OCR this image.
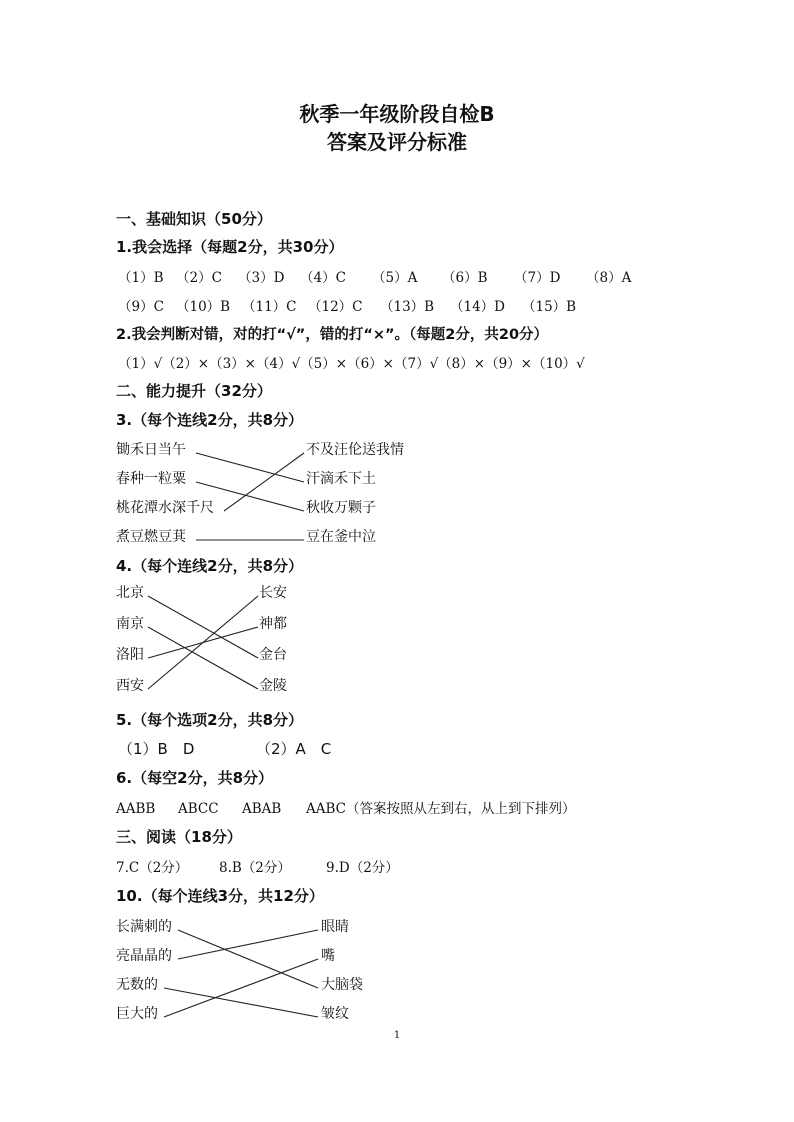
秋季一年级阶段自检B
答案及评分标准
一、基础知识（50分）
1.我会选择（每题2分，共30分）
（1）B （2）C （3）D （4）C （5）A （6）B （7）D （8）A
（9）C （10）B （11）C （12）C （13）B （14）D （15）B
2.我会判断对错，对的打“√”，错的打“×”。（每题2分，共20分）
（1）√（2）×（3）×（4）√（5）×（6）×（7）√（8）×（9）×（10）√
二、能力提升（32分）
3.（每个连线2分，共8分）
锄禾日当午
春种一粒粟
桃花潭水深千尺
煮豆燃豆萁
不及汪伦送我情
汗滴禾下土
秋收万颗子
豆在釜中泣
4.（每个连线2分，共8分）
北京
南京
洛阳
西安
长安
神都
金台
金陵
5.（每个选项2分，共8分）
（1）B　D	（2）A　C
6.（每空2分，共8分）
AABB ABCC ABAB AABC（答案按照从左到右，从上到下排列）
三、阅读（18分）
7.C（2分） 8.B（2分）	9.D（2分）
10.（每个连线3分，共12分）
长满刺的
亮晶晶的
无数的
巨大的
眼睛
嘴
大脑袋
皱纹
1
